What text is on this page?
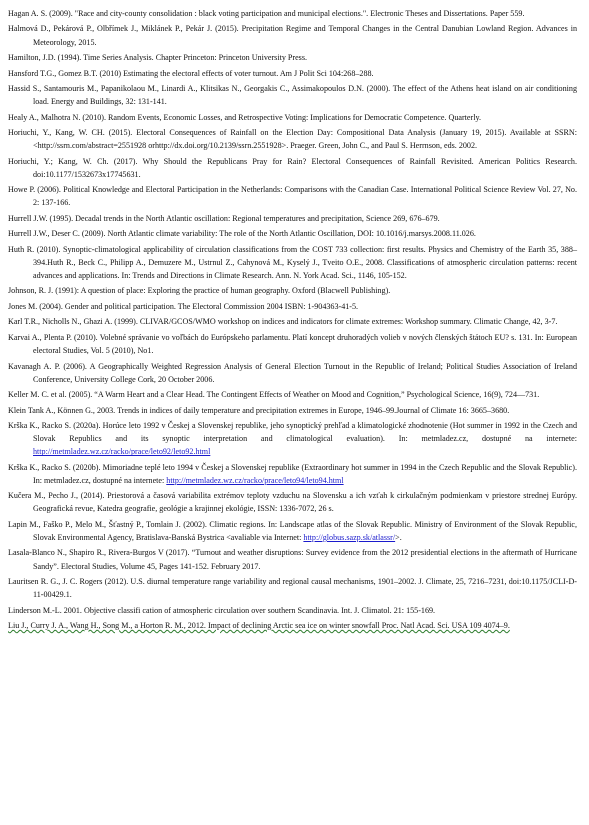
Hagan A. S. (2009). "Race and city-county consolidation : black voting participation and municipal elections.". Electronic Theses and Dissertations. Paper 559.

Halmová D., Pekárová P., Olbřímek J., Miklánek P., Pekár J. (2015). Precipitation Regime and Temporal Changes in the Central Danubian Lowland Region. Advances in Meteorology, 2015.

Hamilton, J.D. (1994). Time Series Analysis. Chapter Princeton: Princeton University Press.

Hansford T.G., Gomez B.T. (2010) Estimating the electoral effects of voter turnout. Am J Polit Sci 104:268–288.

Hassid S., Santamouris M., Papanikolaou M., Linardi A., Klitsikas N., Georgakis C., Assimakopoulos D.N. (2000). The effect of the Athens heat island on air conditioning load. Energy and Buildings, 32: 131-141.

Healy A., Malhotra N. (2010). Random Events, Economic Losses, and Retrospective Voting: Implications for Democratic Competence. Quarterly.

Horiuchi, Y., Kang, W. CH. (2015). Electoral Consequences of Rainfall on the Election Day: Compositional Data Analysis (January 19, 2015). Available at SSRN: <http://ssrn.com/abstract=2551928 orhttp://dx.doi.org/10.2139/ssrn.2551928>. Praeger. Green, John C., and Paul S. Herrnson, eds. 2002.

Horiuchi, Y.; Kang, W. Ch. (2017). Why Should the Republicans Pray for Rain? Electoral Consequences of Rainfall Revisited. American Politics Research. doi:10.1177/1532673x17745631.

Howe P. (2006). Political Knowledge and Electoral Participation in the Netherlands: Comparisons with the Canadian Case. International Political Science Review Vol. 27, No. 2: 137-166.

Hurrell J.W. (1995). Decadal trends in the North Atlantic oscillation: Regional temperatures and precipitation, Science 269, 676–679.

Hurrell J.W., Deser C. (2009). North Atlantic climate variability: The role of the North Atlantic Oscillation, DOI: 10.1016/j.marsys.2008.11.026.

Huth R. (2010). Synoptic-climatological applicability of circulation classifications from the COST 733 collection: first results. Physics and Chemistry of the Earth 35, 388–394.Huth R., Beck C., Philipp A., Demuzere M., Ustrnul Z., Cahynová M., Kyselý J., Tveito O.E., 2008. Classifications of atmospheric circulation patterns: recent advances and applications. In: Trends and Directions in Climate Research. Ann. N. York Acad. Sci., 1146, 105-152.

Johnson, R. J. (1991): A question of place: Exploring the practice of human geography. Oxford (Blacwell Publishing).

Jones M. (2004). Gender and political participation. The Electoral Commission 2004 ISBN: 1-904363-41-5.

Karl T.R., Nicholls N., Ghazi A. (1999). CLIVAR/GCOS/WMO workshop on indices and indicators for climate extremes: Workshop summary. Climatic Change, 42, 3-7.

Karvai A., Plenta P. (2010). Volebné správanie vo voľbách do Európskeho parlamentu. Platí koncept druhoradých volieb v nových členských štátoch EU? s. 131. In: European electoral Studies, Vol. 5 (2010), No1.

Kavanagh A. P. (2006). A Geographically Weighted Regression Analysis of General Election Turnout in the Republic of Ireland; Political Studies Association of Ireland Conference, University College Cork, 20 October 2006.

Keller M. C. et al. (2005). “A Warm Heart and a Clear Head. The Contingent Effects of Weather on Mood and Cognition,” Psychological Science, 16(9), 724—731.

Klein Tank A., Können G., 2003. Trends in indices of daily temperature and precipitation extremes in Europe, 1946–99.Journal of Climate 16: 3665–3680.

Krška K., Racko S. (2020a). Horúce leto 1992 v Českej a Slovenskej republike, jeho synoptický prehľad a klimatologické zhodnotenie (Hot summer in 1992 in the Czech and Slovak Republics and its synoptic interpretation and climatological evaluation). In: metmladez.cz, dostupné na internete: http://metmladez.wz.cz/racko/prace/leto92/leto92.html

Krška K., Racko S. (2020b). Mimoriadne teplé leto 1994 v Českej a Slovenskej republike (Extraordinary hot summer in 1994 in the Czech Republic and the Slovak Republic). In: metmladez.cz, dostupné na internete: http://metmladez.wz.cz/racko/prace/leto94/leto94.html

Kučera M., Pecho J., (2014). Priestorová a časová variabilita extrémov teploty vzduchu na Slovensku a ich vzťah k cirkulačným podmienkam v priestore strednej Európy. Geografická revue, Katedra geografie, geológie a krajinnej ekológie, ISSN: 1336-7072, 26 s.

Lapin M., Faško P., Melo M., Šťastný P., Tomlain J. (2002). Climatic regions. In: Landscape atlas of the Slovak Republic. Ministry of Environment of the Slovak Republic, Slovak Environmental Agency, Bratislava-Banská Bystrica <avaliable via Internet: http://globus.sazp.sk/atlassr/>.

Lasala-Blanco N., Shapiro R., Rivera-Burgos V (2017). “Turnout and weather disruptions: Survey evidence from the 2012 presidential elections in the aftermath of Hurricane Sandy”. Electoral Studies, Volume 45, Pages 141-152. February 2017.

Lauritsen R. G., J. C. Rogers (2012). U.S. diurnal temperature range variability and regional causal mechanisms, 1901–2002. J. Climate, 25, 7216–7231, doi:10.1175/JCLI-D-11-00429.1.

Linderson M.-L. 2001. Objective classifi cation of atmospheric circulation over southern Scandinavia. Int. J. Climatol. 21: 155-169.

Liu J., Curry J. A., Wang H., Song M., a Horton R. M., 2012. Impact of declining Arctic sea ice on winter snowfall Proc. Natl Acad. Sci. USA 109 4074–9.
